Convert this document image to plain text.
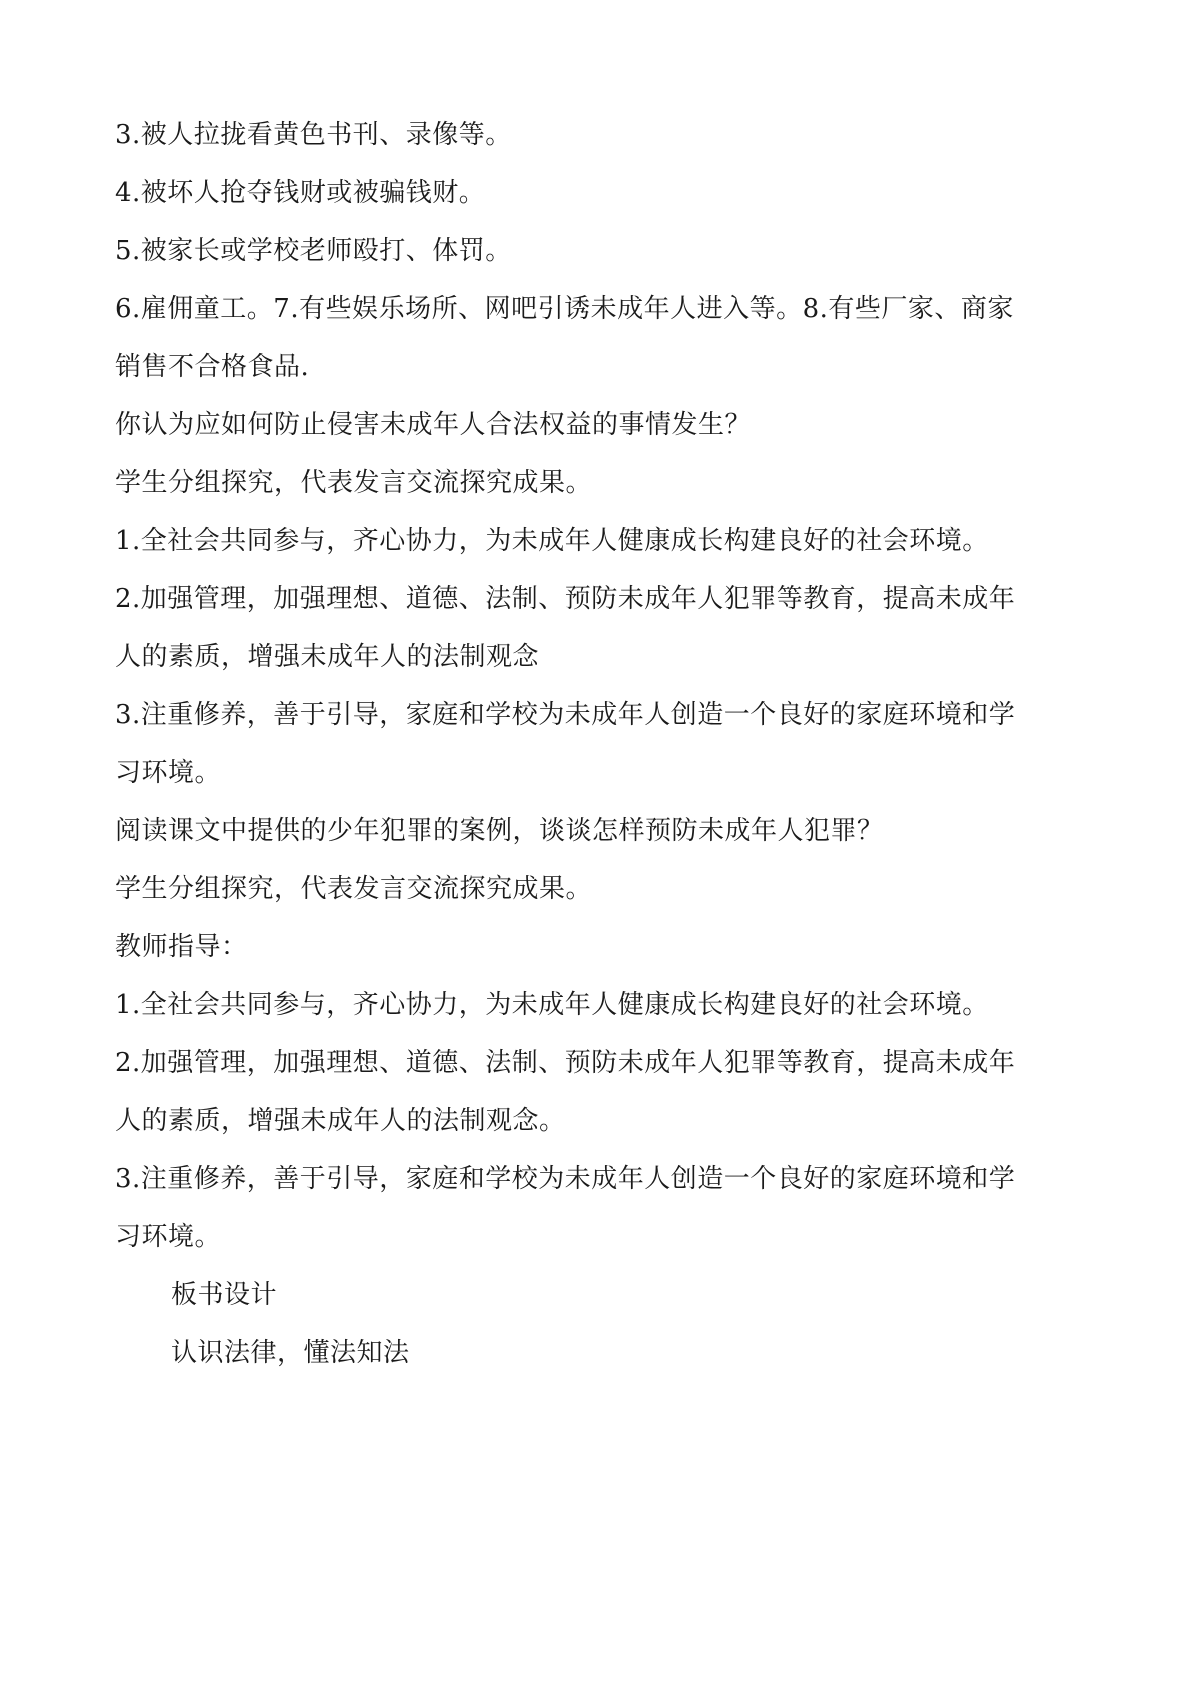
3.被人拉拢看黄色书刊、录像等。
4.被坏人抢夺钱财或被骗钱财。
5.被家长或学校老师殴打、体罚。
6.雇佣童工。7.有些娱乐场所、网吧引诱未成年人进入等。8.有些厂家、商家
销售不合格食品.
你认为应如何防止侵害未成年人合法权益的事情发生？
学生分组探究，代表发言交流探究成果。
1.全社会共同参与，齐心协力，为未成年人健康成长构建良好的社会环境。
2.加强管理，加强理想、道德、法制、预防未成年人犯罪等教育，提高未成年
人的素质，增强未成年人的法制观念
3.注重修养，善于引导，家庭和学校为未成年人创造一个良好的家庭环境和学
习环境。
阅读课文中提供的少年犯罪的案例，谈谈怎样预防未成年人犯罪？
学生分组探究，代表发言交流探究成果。
教师指导：
1.全社会共同参与，齐心协力，为未成年人健康成长构建良好的社会环境。
2.加强管理，加强理想、道德、法制、预防未成年人犯罪等教育，提高未成年
人的素质，增强未成年人的法制观念。
3.注重修养，善于引导，家庭和学校为未成年人创造一个良好的家庭环境和学
习环境。
板书设计
认识法律，懂法知法
